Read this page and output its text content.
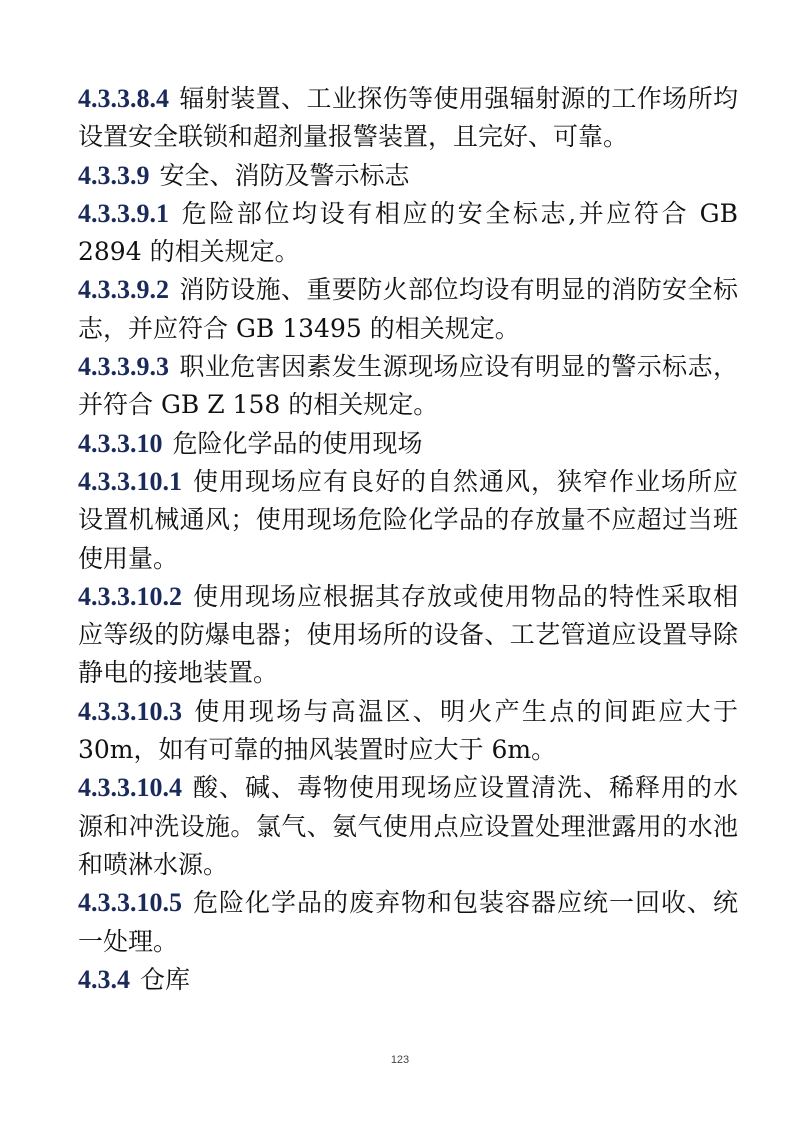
4.3.3.8.4 辐射装置、工业探伤等使用强辐射源的工作场所均设置安全联锁和超剂量报警装置，且完好、可靠。

4.3.3.9 安全、消防及警示标志

4.3.3.9.1 危险部位均设有相应的安全标志,并应符合 GB 2894 的相关规定。

4.3.3.9.2 消防设施、重要防火部位均设有明显的消防安全标志，并应符合 GB 13495 的相关规定。

4.3.3.9.3 职业危害因素发生源现场应设有明显的警示标志，并符合 GB Z 158 的相关规定。

4.3.3.10 危险化学品的使用现场

4.3.3.10.1 使用现场应有良好的自然通风，狭窄作业场所应设置机械通风；使用现场危险化学品的存放量不应超过当班使用量。

4.3.3.10.2 使用现场应根据其存放或使用物品的特性采取相应等级的防爆电器；使用场所的设备、工艺管道应设置导除静电的接地装置。

4.3.3.10.3 使用现场与高温区、明火产生点的间距应大于 30m，如有可靠的抽风装置时应大于 6m。

4.3.3.10.4 酸、碱、毒物使用现场应设置清洗、稀释用的水源和冲洗设施。氯气、氨气使用点应设置处理泄露用的水池和喷淋水源。

4.3.3.10.5 危险化学品的废弃物和包装容器应统一回收、统一处理。

4.3.4 仓库

123
